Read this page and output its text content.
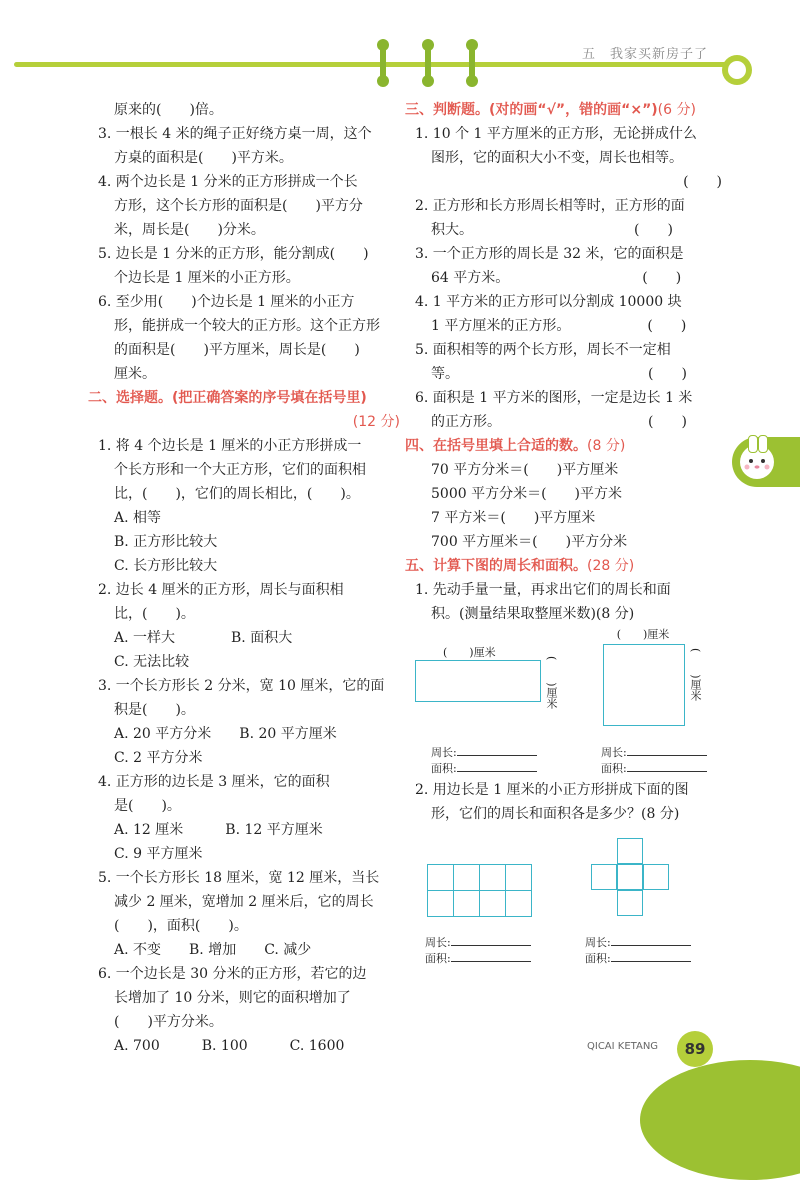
五　我家买新房子了
原来的(　　)倍。
3. 一根长 4 米的绳子正好绕方桌一周，这个
方桌的面积是(　　)平方米。
4. 两个边长是 1 分米的正方形拼成一个长
方形，这个长方形的面积是(　　)平方分
米，周长是(　　)分米。
5. 边长是 1 分米的正方形，能分割成(　　)
个边长是 1 厘米的小正方形。
6. 至少用(　　)个边长是 1 厘米的小正方
形，能拼成一个较大的正方形。这个正方形
的面积是(　　)平方厘米，周长是(　　)
厘米。
二、选择题。(把正确答案的序号填在括号里)
(12 分)
1. 将 4 个边长是 1 厘米的小正方形拼成一
个长方形和一个大正方形，它们的面积相
比，(　　)，它们的周长相比，(　　)。
A. 相等
B. 正方形比较大
C. 长方形比较大
2. 边长 4 厘米的正方形，周长与面积相
比，(　　)。
A. 一样大　　　　B. 面积大
C. 无法比较
3. 一个长方形长 2 分米，宽 10 厘米，它的面
积是(　　)。
A. 20 平方分米　　B. 20 平方厘米
C. 2 平方分米
4. 正方形的边长是 3 厘米，它的面积
是(　　)。
A. 12 厘米　　　B. 12 平方厘米
C. 9 平方厘米
5. 一个长方形长 18 厘米，宽 12 厘米，当长
减少 2 厘米，宽增加 2 厘米后，它的周长
(　　)，面积(　　)。
A. 不变　　B. 增加　　C. 减少
6. 一个边长是 30 分米的正方形，若它的边
长增加了 10 分米，则它的面积增加了
(　　)平方分米。
A. 700　　　B. 100　　　C. 1600
三、判断题。(对的画“√”，错的画“×”)(6 分)
1. 10 个 1 平方厘米的正方形，无论拼成什么
图形，它的面积大小不变，周长也相等。
(　　)
2. 正方形和长方形周长相等时，正方形的面
积大。　　　　　　　　　　　　(　　)
3. 一个正方形的周长是 32 米，它的面积是
64 平方米。　　　　　　　　　　(　　)
4. 1 平方米的正方形可以分割成 10000 块
1 平方厘米的正方形。　　　　　　(　　)
5. 面积相等的两个长方形，周长不一定相
等。　　　　　　　　　　　　　　(　　)
6. 面积是 1 平方米的图形，一定是边长 1 米
的正方形。　　　　　　　　　　　(　　)
四、在括号里填上合适的数。(8 分)
70 平方分米＝(　　)平方厘米
5000 平方分米＝(　　)平方米
7 平方米＝(　　)平方厘米
700 平方厘米＝(　　)平方分米
五、计算下图的周长和面积。(28 分)
1. 先动手量一量，再求出它们的周长和面
积。(测量结果取整厘米数)(8 分)
(　　)厘米
(　　)厘米
(　　)厘米	(　　)厘米
周长:
面积:
周长:
面积:
2. 用边长是 1 厘米的小正方形拼成下面的图
形，它们的周长和面积各是多少？(8 分)
周长:
面积:
周长:
面积:
QICAI KETANG	89
